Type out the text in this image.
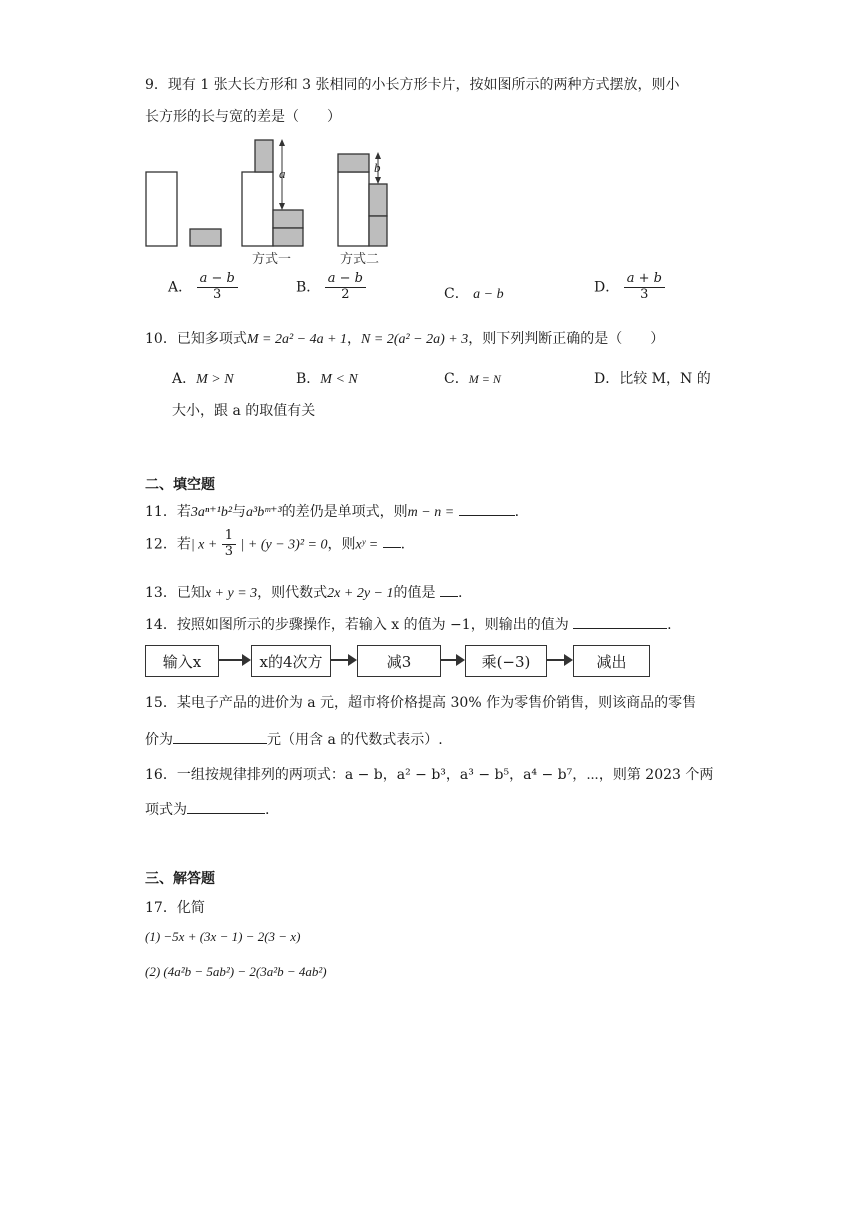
9．现有 1 张大长方形和 3 张相同的小长方形卡片，按如图所示的两种方式摆放，则小
长方形的长与宽的差是（　　）
a
方式一
b
方式二
A． $\frac{a - b}{3}$	B． $\frac{a - b}{2}$	C． a − b	D． $\frac{a + b}{3}$
10．已知多项式M = 2a² − 4a + 1，N = 2(a² − 2a) + 3，则下列判断正确的是（　　）
A．M > N	B．M < N	C．M = N	D．比较 M，N 的
大小，跟 a 的取值有关
二、填空题
11．若3aⁿ⁺¹b²与a³bᵐ⁺³的差仍是单项式，则m − n =	.
12．若| $x + \frac{1}{3}$ | + (y − 3)² = 0，则xʸ = .
13．已知x + y = 3，则代数式2x + 2y − 1的值是 .
14．按照如图所示的步骤操作，若输入 x 的值为 −1，则输出的值为	.
输入x	x的4次方	减3	乘(−3)	减出
15．某电子产品的进价为 a 元，超市将价格提高 30% 作为零售价销售，则该商品的零售
价为	元（用含 a 的代数式表示）.
16．一组按规律排列的两项式：a − b，a² − b³，a³ − b⁵，a⁴ − b⁷，⋯，则第 2023 个两
项式为	.
三、解答题
17．化简
(1) −5x + (3x − 1) − 2(3 − x)
(2) (4a²b − 5ab²) − 2(3a²b − 4ab²)
